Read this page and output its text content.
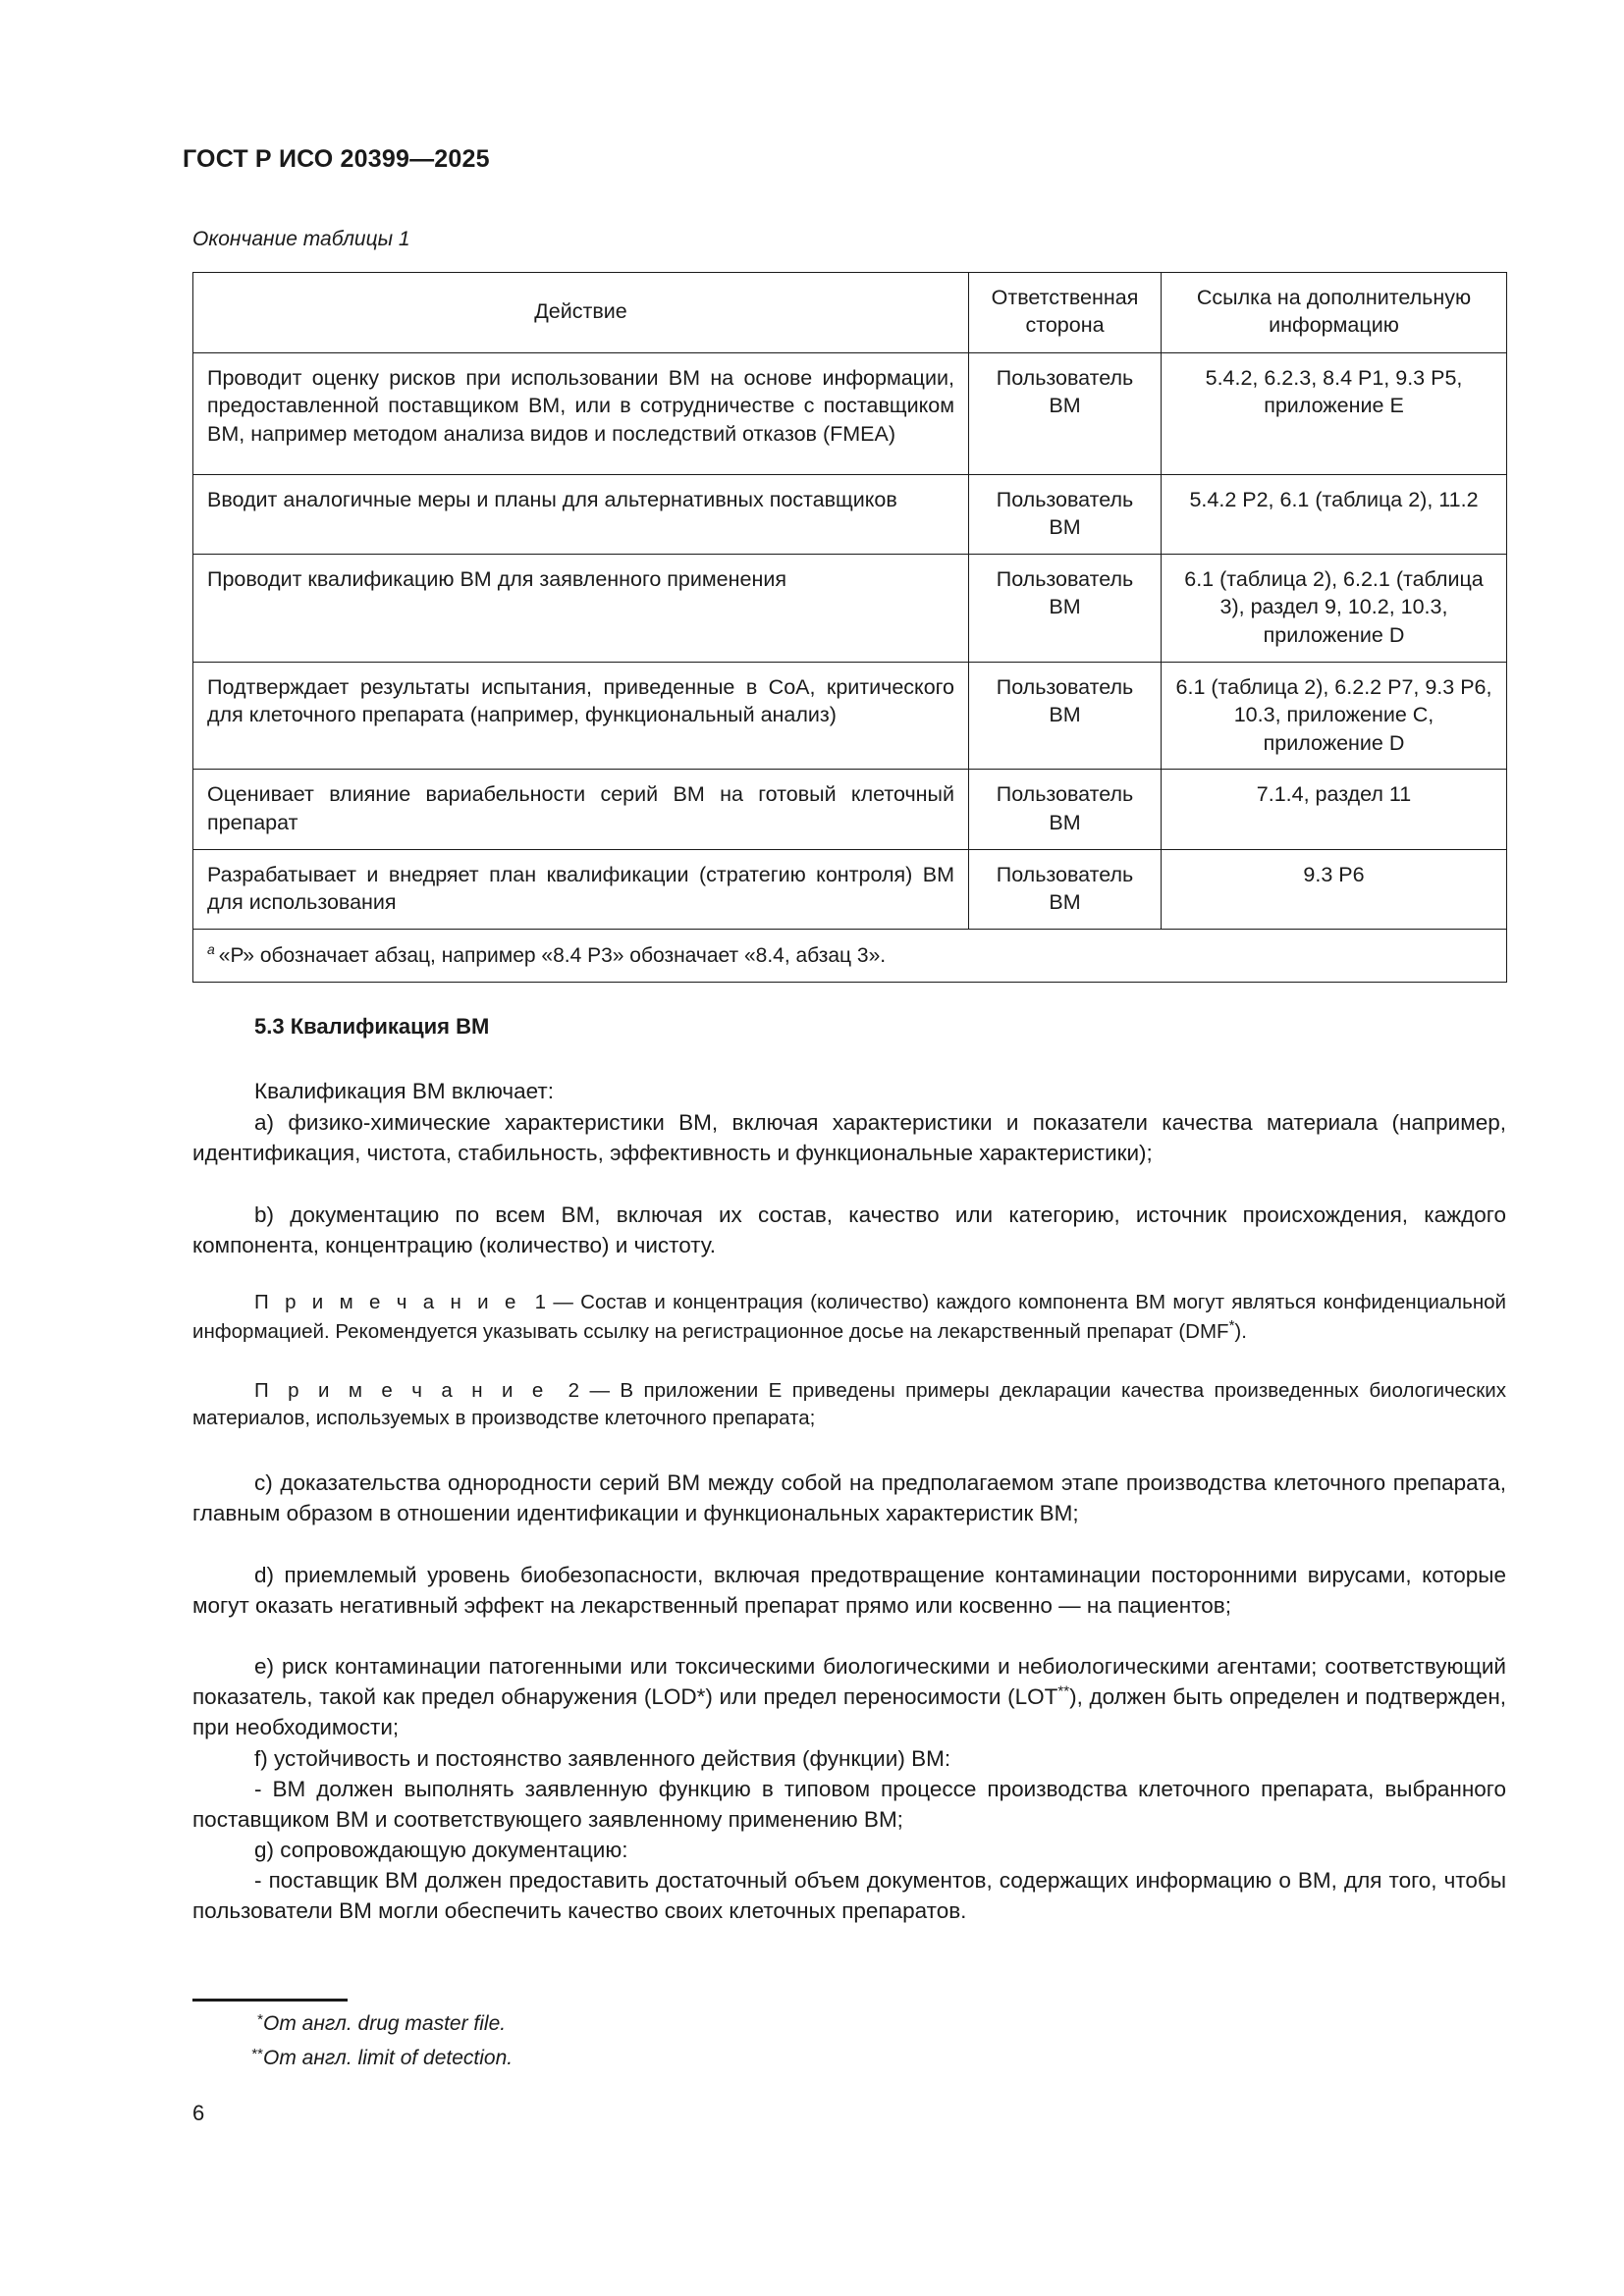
ГОСТ Р ИСО 20399—2025
Окончание таблицы 1
Действие	Ответственная сторона	Ссылка на дополнительную информацию
Проводит оценку рисков при использовании ВМ на основе информации, предоставленной поставщиком ВМ, или в сотрудничестве с поставщиком ВМ, например методом анализа видов и последствий отказов (FMEA)	Пользователь ВМ	5.4.2, 6.2.3, 8.4 P1, 9.3 P5, приложение Е
Вводит аналогичные меры и планы для альтернативных поставщиков	Пользователь ВМ	5.4.2 P2, 6.1 (таблица 2), 11.2
Проводит квалификацию ВМ для заявленного применения	Пользователь ВМ	6.1 (таблица 2), 6.2.1 (таблица 3), раздел 9, 10.2, 10.3, приложение D
Подтверждает результаты испытания, приведенные в СоА, критического для клеточного препарата (например, функциональный анализ)	Пользователь ВМ	6.1 (таблица 2), 6.2.2 P7, 9.3 P6, 10.3, приложение С, приложение D
Оценивает влияние вариабельности серий ВМ на готовый клеточный препарат	Пользователь ВМ	7.1.4, раздел 11
Разрабатывает и внедряет план квалификации (стратегию контроля) ВМ для использования	Пользователь ВМ	9.3 P6
$^a$ «Р» обозначает абзац, например «8.4 Р3» обозначает «8.4, абзац 3».		
5.3 Квалификация ВМ

Квалификация ВМ включает:

a) физико-химические характеристики ВМ, включая характеристики и показатели качества материала (например, идентификация, чистота, стабильность, эффективность и функциональные характеристики);

b) документацию по всем ВМ, включая их состав, качество или категорию, источник происхождения, каждого компонента, концентрацию (количество) и чистоту.

П р и м е ч а н и е 1 — Состав и концентрация (количество) каждого компонента ВМ могут являться конфиденциальной информацией. Рекомендуется указывать ссылку на регистрационное досье на лекарственный препарат (DMF*).

П р и м е ч а н и е 2 — В приложении Е приведены примеры декларации качества произведенных биологических материалов, используемых в производстве клеточного препарата;

c) доказательства однородности серий ВМ между собой на предполагаемом этапе производства клеточного препарата, главным образом в отношении идентификации и функциональных характеристик ВМ;

d) приемлемый уровень биобезопасности, включая предотвращение контаминации посторонними вирусами, которые могут оказать негативный эффект на лекарственный препарат прямо или косвенно — на пациентов;

e) риск контаминации патогенными или токсическими биологическими и небиологическими агентами; соответствующий показатель, такой как предел обнаружения (LOD*) или предел переносимости (LOT**), должен быть определен и подтвержден, при необходимости;

f) устойчивость и постоянство заявленного действия (функции) ВМ:

- ВМ должен выполнять заявленную функцию в типовом процессе производства клеточного препарата, выбранного поставщиком ВМ и соответствующего заявленному применению ВМ;

g) сопровождающую документацию:

- поставщик ВМ должен предоставить достаточный объем документов, содержащих информацию о ВМ, для того, чтобы пользователи ВМ могли обеспечить качество своих клеточных препаратов.

*От англ. drug master file.
**От англ. limit of detection.
6
